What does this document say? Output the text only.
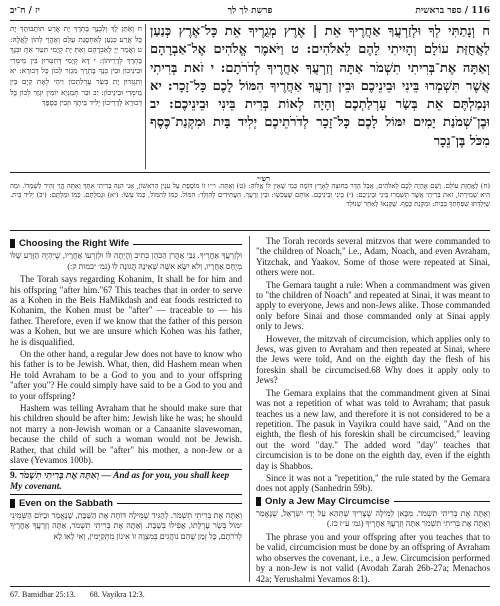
יז / ח־יב	פרשת לך לך	116 / ספר בראשית
ח וְאַתַּן לָךְ וְלִבְנָךְ בָּתְרָךְ יָת אֲרַע תּוֹתָבוּתָךְ יָת כָּל אֲרַע כְּנַעַן לְאַחְסָנַת עָלַם וְאֶהֱוֵי לְהוֹן לֶאֱלָהּ: ט וַאֲמַר יְיָ לְאַבְרָהָם וְאַתְּ יָת קְיָמִי תִּטַּר אַתְּ וּבְנָךְ בָּתְרָךְ לְדָרֵיהוֹן: י דָּא קְיָמִי דְּתִטְּרוּן בֵּין מֵימְרִי וּבֵינֵיכוֹן וּבֵין בְּנָךְ בָּתְרָךְ מִגְזַר לְכוֹן כָּל דְּכוּרָא: יא וְתִגְזְרוּן יָת בְּשַׂר עָרְלַתְכוֹן וִיהֵי לְאָת קְיָם בֵּין מֵימְרִי וּבֵינֵיכוֹן: יב וּבַר תְּמַנְיָא יוֹמִין יִגְזַר לְכוֹן כָּל דְּכוּרָא לְדָרֵיכוֹן יְלִיד בֵּיתָךְ וּזְבִין כַּסְפָּךְ
ח וְנָתַתִּי לְךָ וּלְזַרְעֲךָ אַחֲרֶיךָ אֵת | אֶרֶץ מְגֻרֶיךָ אֵת כָּל־אֶרֶץ כְּנַעַן לַאֲחֻזַּת עוֹלָם וְהָיִיתִי לָהֶם לֵאלֹהִים: ט וַיֹּאמֶר אֱלֹהִים אֶל־אַבְרָהָם וְאַתָּה אֶת־בְּרִיתִי תִשְׁמֹר אַתָּה וְזַרְעֲךָ אַחֲרֶיךָ לְדֹרֹתָם: י זֹאת בְּרִיתִי אֲשֶׁר תִּשְׁמְרוּ בֵּינִי וּבֵינֵיכֶם וּבֵין זַרְעֲךָ אַחֲרֶיךָ הִמּוֹל לָכֶם כָּל־זָכָר: יא וּנְמַלְתֶּם אֵת בְּשַׂר עָרְלַתְכֶם וְהָיָה לְאוֹת בְּרִית בֵּינִי וּבֵינֵיכֶם: יב וּבֶן־שְׁמֹנַת יָמִים יִמּוֹל לָכֶם כָּל־זָכָר לְדֹרֹתֵיכֶם יְלִיד בָּיִת וּמִקְנַת־כֶּסֶף מִכֹּל בֶּן־נֵכָר
רש״י
(ח) לַאֲחֻזַּת עוֹלָם. וְשָׁם אֶהְיֶה לָכֶם לֵאלֹהִים, אֲבָל הַדָּר בְּחוּצָה לָאָרֶץ דּוֹמֶה כְּמִי שֶׁאֵין לוֹ אֱלוֹהַּ: (ט) וְאַתָּה. וי״ו זוֹ מוֹסֶפֶת עַל עִנְיַן הָרִאשׁוֹן, אֲנִי הִנֵּה בְרִיתִי אִתָּךְ וְאַתָּה הֱוֵי זָהִיר לְשָׁמְרוֹ. וּמַה הִיא שְׁמִירָתוֹ, זֹאת בְּרִיתִי אֲשֶׁר תִּשְׁמְרוּ בֵּינִי וּבֵינֵיכֶם: (י) בֵּינִי וּבֵינֵיכֶם. אוֹתָם שֶׁעַכְשָׁו: וּבֵין זַרְעֲךָ. הָעֲתִידִים לְהִוָּלֵד: הִמּוֹל. כְּמוֹ לְהִמּוֹל, כְּמוֹ עָשׂוֹ: (יא) וּנְמַלְתֶּם. כְּמוֹ וּמַלְתֶּם: (יב) יְלִיד בָּיִת. שֶׁיְּלָדַתּוּ שִׁפְחָתְךָ בַּבַּיִת: וּמִקְנַת כֶּסֶף. שֶׁקְּנָאוֹ לְאַחַר שֶׁנּוֹלַד
Choosing the Right Wife

וּלְזַרְעֲךָ אַחֲרֶיךָ. גַּבֵּי אַהֲרֹן הַכֹּהֵן כְּתִיב וְהָיְתָה לּוֹ וּלְזַרְעוֹ אַחֲרָיו, שֶׁיִּהְיֶה הַזֶּרַע שֶׁלּוֹ מְיֻחָס אַחֲרָיו, וְלֹא יִשָּׂא אִשָּׁה שֶׁאֵינָהּ הֲגוּנָה לוֹ (גמ׳ יבמות ק:)

The Torah says regarding Kohanim, It shall be for him and his offspring "after him."67 This teaches that in order to serve as a Kohen in the Beis HaMikdash and eat foods restricted to Kohanim, the Kohen must be "after" — traceable to — his father. Therefore, even if we know that the father of this person was a Kohen, but we are unsure which Kohen was his father, he is disqualified.

On the other hand, a regular Jew does not have to know who his father is to be Jewish. What, then, did Hashem mean when He told Avraham to be a God to you and to your offspring "after you"? He could simply have said to be a God to you and to your offspring?

Hashem was telling Avraham that he should make sure that his children should be after him: Jewish like he was; he should not marry a non-Jewish woman or a Canaanite slavewoman, because the child of such a woman would not be Jewish. Rather, that child will be "after" his mother, a non-Jew or a slave (Yevamos 100b).

9. וְאַתָּה אֶת בְּרִיתִי תִשְׁמֹר — And as for you, you shall keep My covenant.
Even on the Sabbath

וְאַתָּה אֶת בְּרִיתִי תִשְׁמֹר. לְהַגִּיד שֶׁמִּילָה דּוֹחָה אֶת הַשַּׁבָּת, שֶׁנֶּאֱמַר וּבַיּוֹם הַשְּׁמִינִי יִמּוֹל בְּשַׂר עָרְלָתוֹ, אֲפִילוּ בְּשַׁבָּת. וְאַתָּה אֶת בְּרִיתִי תִשְׁמֹר, אַתָּה וְזַרְעֲךָ אַחֲרֶיךָ לְדֹרֹתָם, כָּל זְמַן שֶׁהֵם נוֹהֲגִים בְּמִצְוָה זוֹ אִינוֹן מִתְקַיְּמִין, וְאִי לָאו לָא

The Torah records several mitzvos that were commanded to "the children of Noach," i.e., Adam, Noach, and even Avraham, Yitzchak, and Yaakov. Some of those were repeated at Sinai, others were not.

The Gemara taught a rule: When a commandment was given to "the children of Noach" and repeated at Sinai, it was meant to apply to everyone, Jews and non-Jews alike. Those commanded only before Sinai and those commanded only at Sinai apply only to Jews.

However, the mitzvah of circumcision, which applies only to Jews, was given to Avraham and then repeated at Sinai, where the Jews were told, And on the eighth day the flesh of his foreskin shall be circumcised.68 Why does it apply only to Jews?

The Gemara explains that the commandment given at Sinai was not a repetition of what was told to Avraham; that pasuk teaches us a new law, and therefore it is not considered to be a repetition. The pasuk in Vayikra could have said, "And on the eighth, the flesh of his foreskin shall be circumcised," leaving out the word "day." The added word "day" teaches that circumcision is to be done on the eighth day, even if the eighth day is Shabbos.

Since it was not a "repetition," the rule stated by the Gemara does not apply (Sanhedrin 59b).

Only a Jew May Circumcise

וְאַתָּה אֶת בְּרִיתִי תִשְׁמֹר. מִכָּאן לְמִילָה שֶׁצָּרִיךְ שֶׁתְּהֵא עַל יְדֵי יִשְׂרָאֵל, שֶׁנֶּאֱמַר וְאַתָּה אֶת בְּרִיתִי תִשְׁמֹר אַתָּה וְזַרְעֲךָ אַחֲרֶיךָ (גמ׳ ע״ז כז.)

The phrase you and your offspring after you teaches that to be valid, circumcision must be done by an offspring of Avraham who observes the covenant, i.e., a Jew. Circumcision performed by a non-Jew is not valid (Avodah Zarah 26b-27a; Menachos 42a; Yerushalmi Yevamos 8:1).

67. Bamidbar 25:13. 68. Vayikra 12:3.
